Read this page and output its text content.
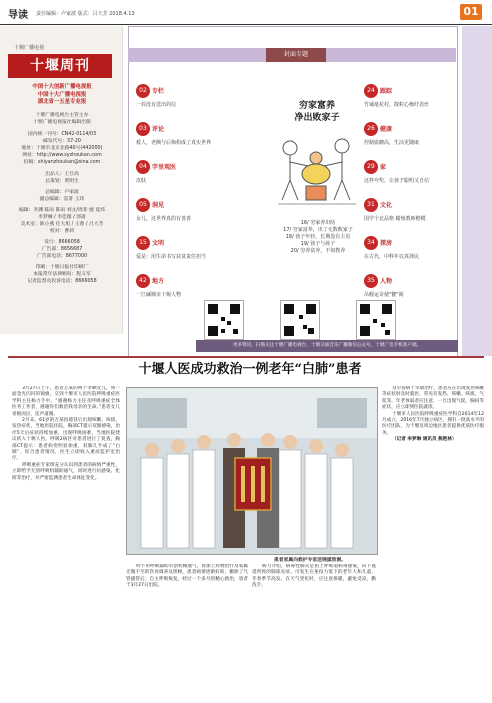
导读 责任编辑：卢家波 版式：吕大芳 2018.4.13	01
十堰广播电视
十堰周刊
中国十大创新广播电视报
中国十大广播电视报
湖北省一五星专业报
十堰广播电视台主管主办
十堰广播电视报社编辑出版
国内统一刊号：CN42-0114/03
邮发代号：37-20
地址：十堰市北京北路40号(442000)
网址：http://www.syzhoukan.com
投稿：shiyanzhoukan@sina.com
出品人：王仕高
总策划：黄明生
总编辑：卢家波
副总编辑：雷菁 王玮
编辑：李渊 陈雨 陈雨 刘文/周菲 廖 夏炜
李梦琳 / 李佳薇 / 郭蔷
美术室：陈小燕 任大旭 / 王蓉 / 吕大芳
校对：曹莉
发行：8666058
广告部：8656687
广告部电话：8677000
印刷：十堰日报社印刷厂
本报常年法律顾问：程义军
记者监督及投诉电话：8666058
封面专题
02 专栏
一封没有送出的信
03 评论
救人，老侧与后悔构成了真实世界
04 字里观医
皮肤
05 洞见
女儿，这世界真的有善善
15 文明
爱是：用生命书写扶贫责任担当
42 地方
一江碱城市十堰人物
穷家富养
净出败家子
16/ 穷家养出啥
17/ 穷家富养，出了无数败家子
18/ 孩子年轻，长期没有主见
19/ 孩子与孙子
20/ 穷养富养，不如教养
24 跟踪
竹诫毫花村，散粒心操纾表丝
26 健康
控制血糖高，生活更随康
29 家
这样夸奖，让孩子聪明又自信
31 文化
国学个北品格 蜡烛教师楷模
34 探房
在古代，中科年以真择民
35 人物
吊舰运奇使"貔"阁
更多资讯，扫描关注十堰广播电视台，十堰交通音乐广播微信公众号，十堰广电手机客户端。
十堰人医成功救治一例老年“白肺”患者

3月27日上午，患者万某的两个孝顺女儿，将一面金光闪闪的锦旗，交到十堰市人民医院呼吸重症医学科主任杨力手中。“感谢杨力主任及呼吸重症全体医务工作者，感谢你们救治我母亲的生命。”患者女儿喜极而泣，连声道谢。

2月末，61岁的万某因感冒后出现咳嗽、咳痰、发热症状，当地医院住院，胸部CT提示双肺感染，治疗5天后症状持续加重，出现呼吸困难，当地医院建议转入十堰人医。呼吸2病区对患者进行了复查，胸部CT提示：患者病变明显加重，双肺几乎成了“白肺”，综合患者情况，医生立即收入重症监护室治疗。

呼吸重症专家组充分认识到患者的病情严重性，立即给予无创呼吸机辅助通气，同时进行抗感染、化痰等治疗，并严密监测患者生命体征变化。

患者家属向救护专家送锦旗致谢。

时不用呼吸辅助有创机械通气，再加上药物治疗及家属无微不至的饮食调养及照顾，患者病情逐渐好转，撤除了气管插管后，自主呼吸恢复。经过一个多月的精心救治，患者于3月27日出院。

杨力介绍，病毒性肺炎是由上呼吸道病毒感染，向下蔓延所致的肺部炎症。可发生在免疫力低下的老年人和儿童，冬春季节高发。在天气变化时，应注意保暖，避免受凉，勤洗手。

及早发病于早期治疗，患者应在出现发热咳嗽等症状时及时就医，常见有发热、咳嗽、咳痰、气促等。年老体弱者应注意，一旦出现气促、胸闷等症状，应立即到医院就诊。

十堰市人民医院呼吸重症医学科自2014年12月成立，2016年7月独立病区，拥有一批高水平的医疗团队，为十堰及周边地区患者提供优质医疗服务。

（记者 李梦琳 通讯员 熊艳林）
